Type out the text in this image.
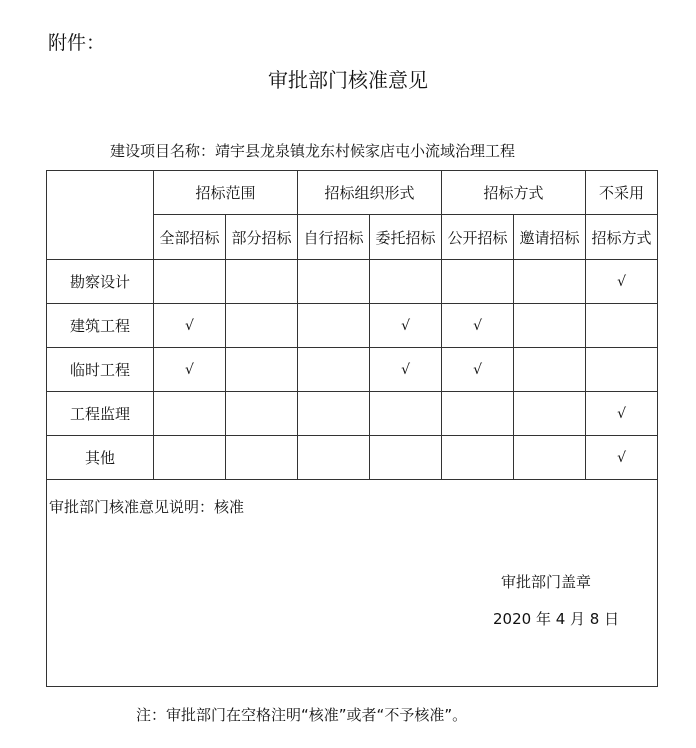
附件：
审批部门核准意见
建设项目名称：靖宇县龙泉镇龙东村候家店屯小流域治理工程
	招标范围		招标组织形式		招标方式		不采用
	全部招标	部分招标	自行招标	委托招标	公开招标	邀请招标	招标方式
勘察设计							√
建筑工程	√			√	√		
临时工程	√			√	√		
工程监理							√
其他							√

审批部门核准意见说明：核准
审批部门盖章
2020 年 4 月 8 日							
注：审批部门在空格注明“核准”或者“不予核准”。
